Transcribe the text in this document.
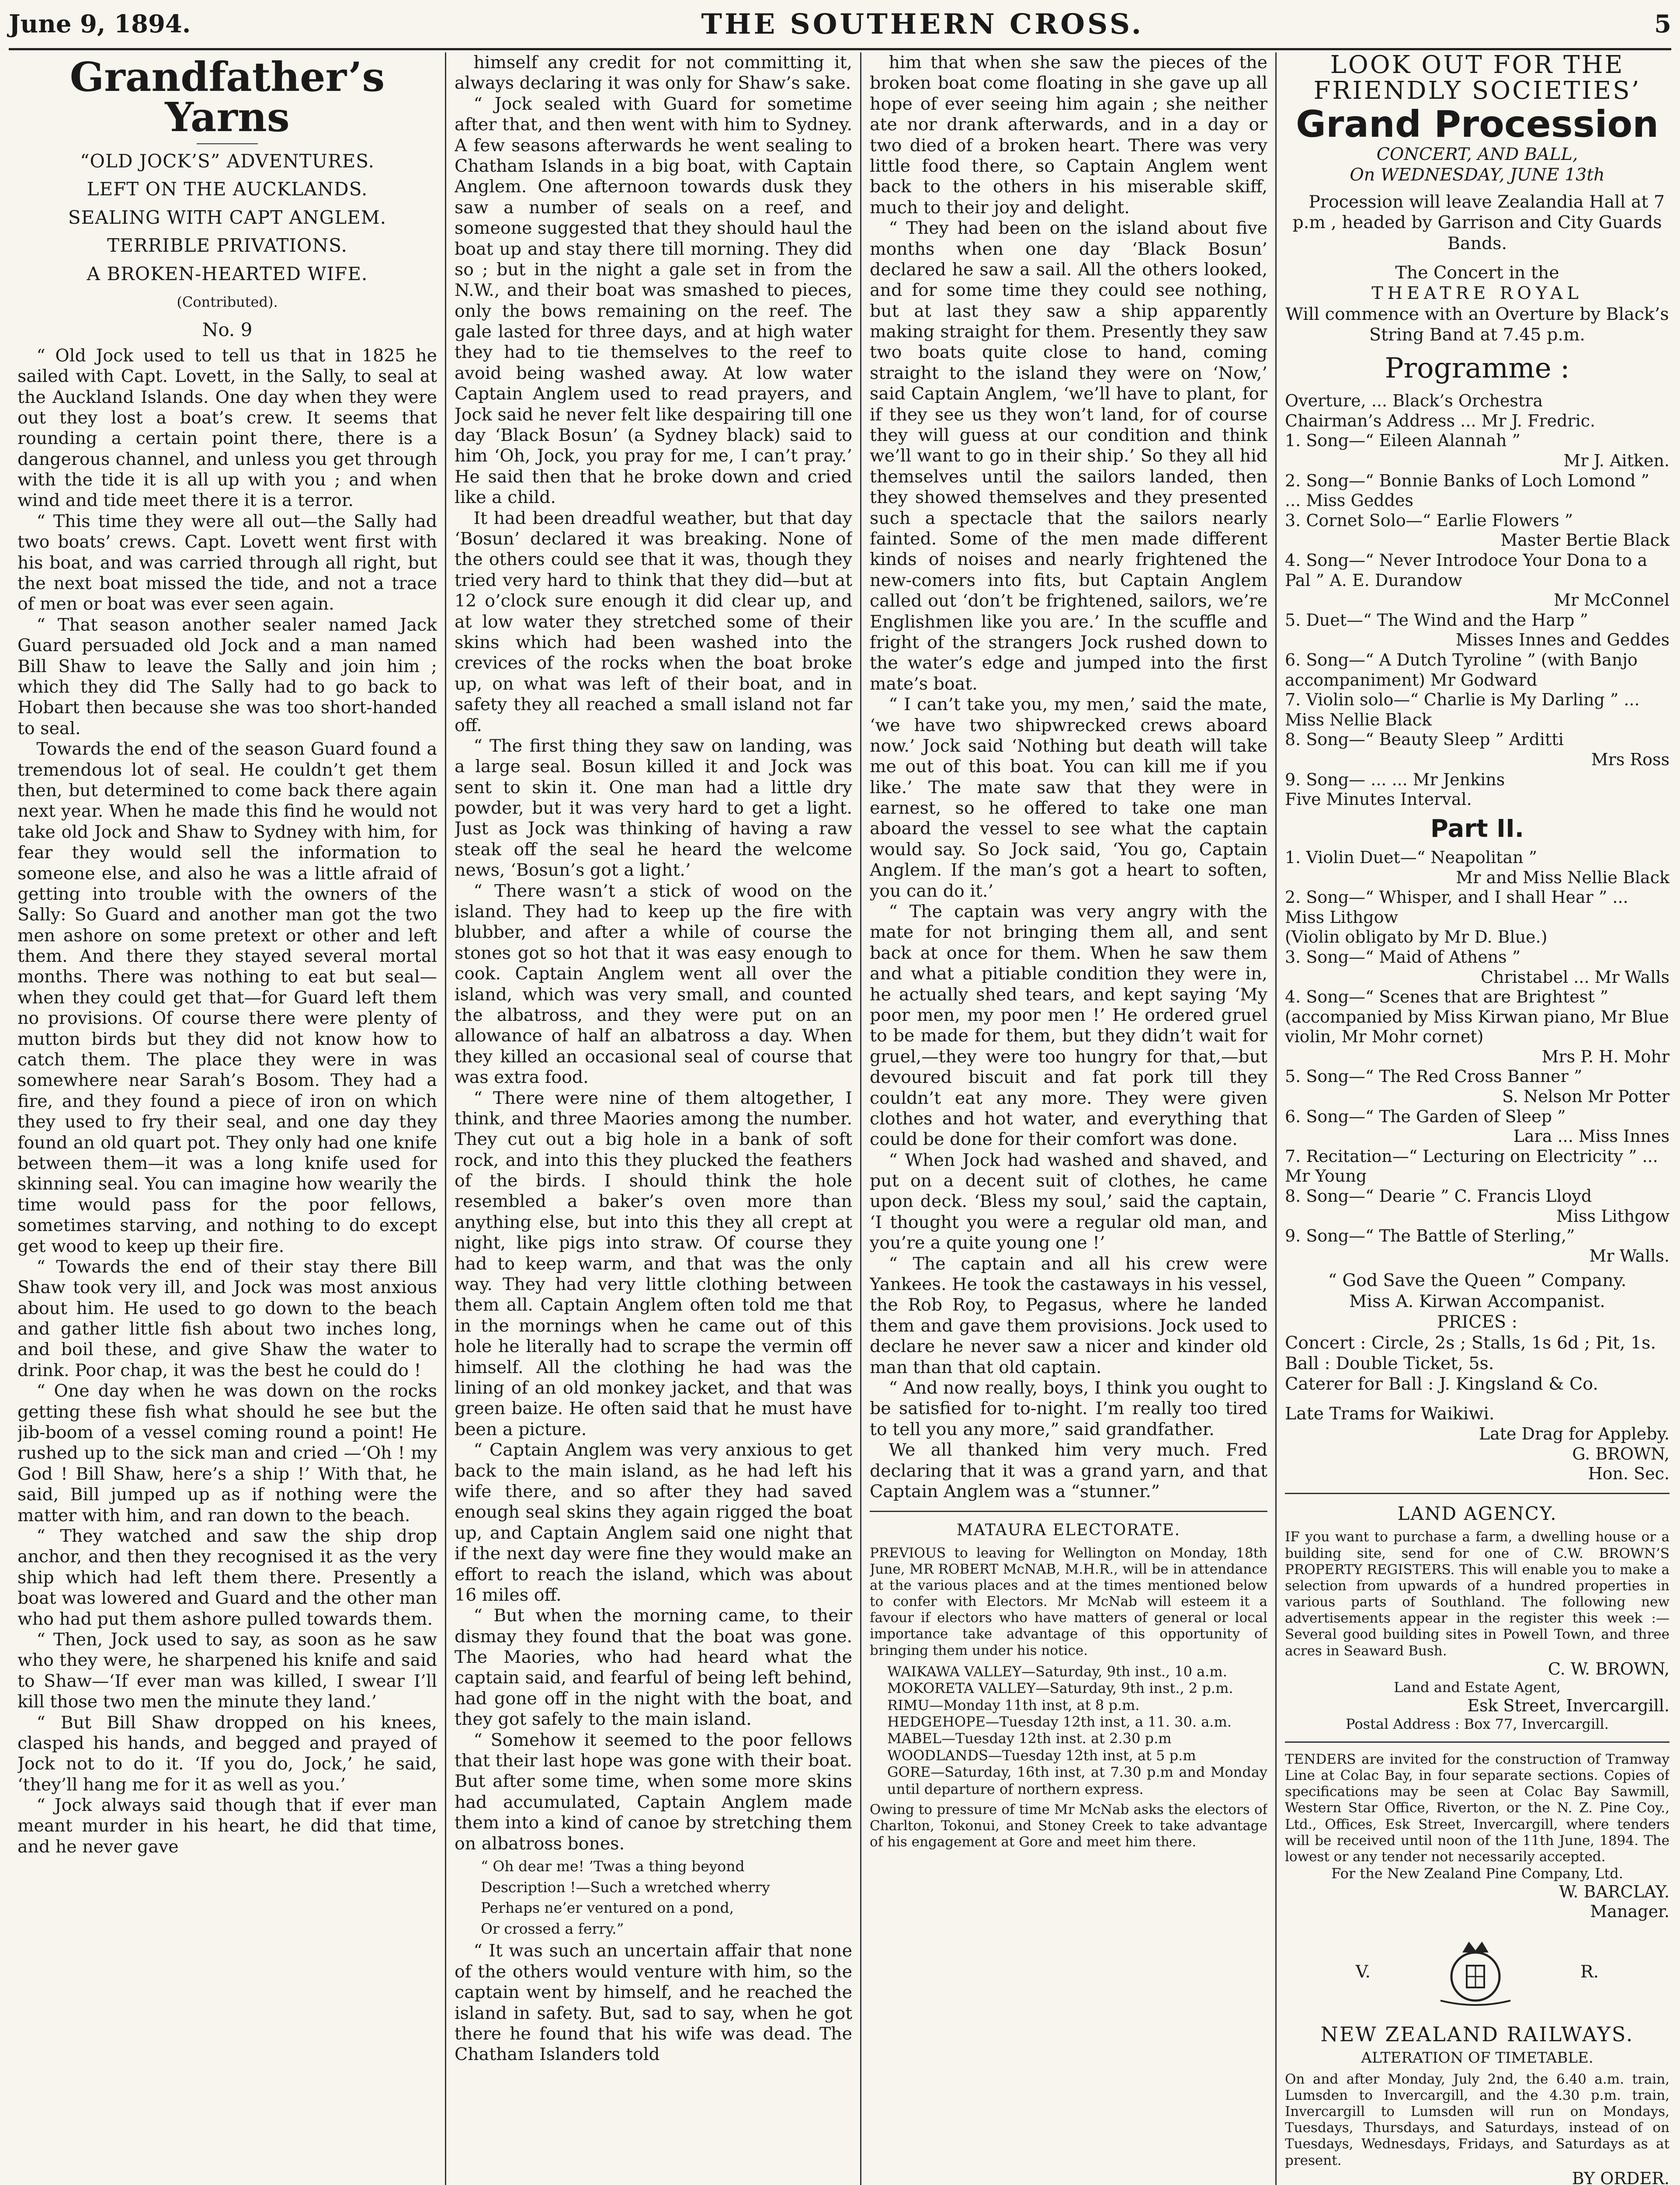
June 9, 1894.	THE SOUTHERN CROSS.	5
Grandfather’s Yarns
“OLD JOCK’S” ADVENTURES.
LEFT ON THE AUCKLANDS.
SEALING WITH CAPT ANGLEM.
TERRIBLE PRIVATIONS.
A BROKEN-HEARTED WIFE.
(Contributed).
No. 9

“ Old Jock used to tell us that in 1825 he sailed with Capt. Lovett, in the Sally, to seal at the Auckland Islands. One day when they were out they lost a boat’s crew. It seems that rounding a certain point there, there is a dangerous channel, and unless you get through with the tide it is all up with you ; and when wind and tide meet there it is a terror.

“ This time they were all out—the Sally had two boats’ crews. Capt. Lovett went first with his boat, and was carried through all right, but the next boat missed the tide, and not a trace of men or boat was ever seen again.

“ That season another sealer named Jack Guard persuaded old Jock and a man named Bill Shaw to leave the Sally and join him ; which they did The Sally had to go back to Hobart then because she was too short-handed to seal.

Towards the end of the season Guard found a tremendous lot of seal. He couldn’t get them then, but determined to come back there again next year. When he made this find he would not take old Jock and Shaw to Sydney with him, for fear they would sell the information to someone else, and also he was a little afraid of getting into trouble with the owners of the Sally: So Guard and another man got the two men ashore on some pretext or other and left them. And there they stayed several mortal months. There was nothing to eat but seal—when they could get that—for Guard left them no provisions. Of course there were plenty of mutton birds but they did not know how to catch them. The place they were in was somewhere near Sarah’s Bosom. They had a fire, and they found a piece of iron on which they used to fry their seal, and one day they found an old quart pot. They only had one knife between them—it was a long knife used for skinning seal. You can imagine how wearily the time would pass for the poor fellows, sometimes starving, and nothing to do except get wood to keep up their fire.

“ Towards the end of their stay there Bill Shaw took very ill, and Jock was most anxious about him. He used to go down to the beach and gather little fish about two inches long, and boil these, and give Shaw the water to drink. Poor chap, it was the best he could do !

“ One day when he was down on the rocks getting these fish what should he see but the jib-boom of a vessel coming round a point! He rushed up to the sick man and cried —‘Oh ! my God ! Bill Shaw, here’s a ship !’ With that, he said, Bill jumped up as if nothing were the matter with him, and ran down to the beach.

“ They watched and saw the ship drop anchor, and then they recognised it as the very ship which had left them there. Presently a boat was lowered and Guard and the other man who had put them ashore pulled towards them.

“ Then, Jock used to say, as soon as he saw who they were, he sharpened his knife and said to Shaw—‘If ever man was killed, I swear I’ll kill those two men the minute they land.’

“ But Bill Shaw dropped on his knees, clasped his hands, and begged and prayed of Jock not to do it. ‘If you do, Jock,’ he said, ‘they’ll hang me for it as well as you.’

“ Jock always said though that if ever man meant murder in his heart, he did that time, and he never gave

himself any credit for not committing it, always declaring it was only for Shaw’s sake.

“ Jock sealed with Guard for sometime after that, and then went with him to Sydney. A few seasons afterwards he went sealing to Chatham Islands in a big boat, with Captain Anglem. One afternoon towards dusk they saw a number of seals on a reef, and someone suggested that they should haul the boat up and stay there till morning. They did so ; but in the night a gale set in from the N.W., and their boat was smashed to pieces, only the bows remaining on the reef. The gale lasted for three days, and at high water they had to tie themselves to the reef to avoid being washed away. At low water Captain Anglem used to read prayers, and Jock said he never felt like despairing till one day ‘Black Bosun’ (a Sydney black) said to him ‘Oh, Jock, you pray for me, I can’t pray.’ He said then that he broke down and cried like a child.

It had been dreadful weather, but that day ‘Bosun’ declared it was breaking. None of the others could see that it was, though they tried very hard to think that they did—but at 12 o’clock sure enough it did clear up, and at low water they stretched some of their skins which had been washed into the crevices of the rocks when the boat broke up, on what was left of their boat, and in safety they all reached a small island not far off.

“ The first thing they saw on landing, was a large seal. Bosun killed it and Jock was sent to skin it. One man had a little dry powder, but it was very hard to get a light. Just as Jock was thinking of having a raw steak off the seal he heard the welcome news, ‘Bosun’s got a light.’

“ There wasn’t a stick of wood on the island. They had to keep up the fire with blubber, and after a while of course the stones got so hot that it was easy enough to cook. Captain Anglem went all over the island, which was very small, and counted the albatross, and they were put on an allowance of half an albatross a day. When they killed an occasional seal of course that was extra food.

“ There were nine of them altogether, I think, and three Maories among the number. They cut out a big hole in a bank of soft rock, and into this they plucked the feathers of the birds. I should think the hole resembled a baker’s oven more than anything else, but into this they all crept at night, like pigs into straw. Of course they had to keep warm, and that was the only way. They had very little clothing between them all. Captain Anglem often told me that in the mornings when he came out of this hole he literally had to scrape the vermin off himself. All the clothing he had was the lining of an old monkey jacket, and that was green baize. He often said that he must have been a picture.

“ Captain Anglem was very anxious to get back to the main island, as he had left his wife there, and so after they had saved enough seal skins they again rigged the boat up, and Captain Anglem said one night that if the next day were fine they would make an effort to reach the island, which was about 16 miles off.

“ But when the morning came, to their dismay they found that the boat was gone. The Maories, who had heard what the captain said, and fearful of being left behind, had gone off in the night with the boat, and they got safely to the main island.

“ Somehow it seemed to the poor fellows that their last hope was gone with their boat. But after some time, when some more skins had accumulated, Captain Anglem made them into a kind of canoe by stretching them on albatross bones.

“ Oh dear me! ’Twas a thing beyond
Description !—Such a wretched wherry
Perhaps ne’er ventured on a pond,
Or crossed a ferry.”

“ It was such an uncertain affair that none of the others would venture with him, so the captain went by himself, and he reached the island in safety. But, sad to say, when he got there he found that his wife was dead. The Chatham Islanders told

him that when she saw the pieces of the broken boat come floating in she gave up all hope of ever seeing him again ; she neither ate nor drank afterwards, and in a day or two died of a broken heart. There was very little food there, so Captain Anglem went back to the others in his miserable skiff, much to their joy and delight.

“ They had been on the island about five months when one day ‘Black Bosun’ declared he saw a sail. All the others looked, and for some time they could see nothing, but at last they saw a ship apparently making straight for them. Presently they saw two boats quite close to hand, coming straight to the island they were on ‘Now,’ said Captain Anglem, ‘we’ll have to plant, for if they see us they won’t land, for of course they will guess at our condition and think we’ll want to go in their ship.’ So they all hid themselves until the sailors landed, then they showed themselves and they presented such a spectacle that the sailors nearly fainted. Some of the men made different kinds of noises and nearly frightened the new-comers into fits, but Captain Anglem called out ‘don’t be frightened, sailors, we’re Englishmen like you are.’ In the scuffle and fright of the strangers Jock rushed down to the water’s edge and jumped into the first mate’s boat.

“ I can’t take you, my men,’ said the mate, ‘we have two shipwrecked crews aboard now.’ Jock said ‘Nothing but death will take me out of this boat. You can kill me if you like.’ The mate saw that they were in earnest, so he offered to take one man aboard the vessel to see what the captain would say. So Jock said, ‘You go, Captain Anglem. If the man’s got a heart to soften, you can do it.’

“ The captain was very angry with the mate for not bringing them all, and sent back at once for them. When he saw them and what a pitiable condition they were in, he actually shed tears, and kept saying ‘My poor men, my poor men !’ He ordered gruel to be made for them, but they didn’t wait for gruel,—they were too hungry for that,—but devoured biscuit and fat pork till they couldn’t eat any more. They were given clothes and hot water, and everything that could be done for their comfort was done.

“ When Jock had washed and shaved, and put on a decent suit of clothes, he came upon deck. ‘Bless my soul,’ said the captain, ‘I thought you were a regular old man, and you’re a quite young one !’

“ The captain and all his crew were Yankees. He took the castaways in his vessel, the Rob Roy, to Pegasus, where he landed them and gave them provisions. Jock used to declare he never saw a nicer and kinder old man than that old captain.

“ And now really, boys, I think you ought to be satisfied for to-night. I’m really too tired to tell you any more,” said grandfather.

We all thanked him very much. Fred declaring that it was a grand yarn, and that Captain Anglem was a “stunner.”

MATAURA ELECTORATE.

PREVIOUS to leaving for Wellington on Monday, 18th June, MR ROBERT McNAB, M.H.R., will be in attendance at the various places and at the times mentioned below to confer with Electors. Mr McNab will esteem it a favour if electors who have matters of general or local importance take advantage of this opportunity of bringing them under his notice.

WAIKAWA VALLEY—Saturday, 9th inst., 10 a.m.
MOKORETA VALLEY—Saturday, 9th inst., 2 p.m.
RIMU—Monday 11th inst, at 8 p.m.
HEDGEHOPE—Tuesday 12th inst, a 11. 30. a.m.
MABEL—Tuesday 12th inst. at 2.30 p.m
WOODLANDS—Tuesday 12th inst, at 5 p.m
GORE—Saturday, 16th inst, at 7.30 p.m and Monday until departure of northern express.

Owing to pressure of time Mr McNab asks the electors of Charlton, Tokonui, and Stoney Creek to take advantage of his engagement at Gore and meet him there.

LOOK OUT FOR THE FRIENDLY SOCIETIES’
Grand Procession
CONCERT, AND BALL,
On WEDNESDAY, JUNE 13th

Procession will leave Zealandia Hall at 7 p.m , headed by Garrison and City Guards Bands.

The Concert in the
THEATRE ROYAL
Will commence with an Overture by Black’s String Band at 7.45 p.m.
Programme :
Overture, ... Black’s Orchestra
Chairman’s Address ... Mr J. Fredric.
1. Song—“ Eileen Alannah ”
Mr J. Aitken.
2. Song—“ Bonnie Banks of Loch Lomond ” ... Miss Geddes
3. Cornet Solo—“ Earlie Flowers ”
Master Bertie Black
4. Song—“ Never Introdoce Your Dona to a Pal ” A. E. Durandow
Mr McConnel
5. Duet—“ The Wind and the Harp ”
Misses Innes and Geddes
6. Song—“ A Dutch Tyroline ” (with Banjo accompaniment) Mr Godward
7. Violin solo—“ Charlie is My Darling ” ... Miss Nellie Black
8. Song—“ Beauty Sleep ” Arditti
Mrs Ross
9. Song— ... ... Mr Jenkins
Five Minutes Interval.
Part II.
1. Violin Duet—“ Neapolitan ”
Mr and Miss Nellie Black
2. Song—“ Whisper, and I shall Hear ” ... Miss Lithgow
(Violin obligato by Mr D. Blue.)
3. Song—“ Maid of Athens ”
Christabel ... Mr Walls
4. Song—“ Scenes that are Brightest ”
(accompanied by Miss Kirwan piano, Mr Blue violin, Mr Mohr cornet)
Mrs P. H. Mohr
5. Song—“ The Red Cross Banner ”
S. Nelson Mr Potter
6. Song—“ The Garden of Sleep ”
Lara ... Miss Innes
7. Recitation—“ Lecturing on Electricity ” ... Mr Young
8. Song—“ Dearie ” C. Francis Lloyd
Miss Lithgow
9. Song—“ The Battle of Sterling,”
Mr Walls.
“ God Save the Queen ” Company.
Miss A. Kirwan Accompanist.
PRICES :
Concert : Circle, 2s ; Stalls, 1s 6d ; Pit, 1s.
Ball : Double Ticket, 5s.
Caterer for Ball : J. Kingsland & Co.
Late Trams for Waikiwi.
Late Drag for Appleby.
G. BROWN,
Hon. Sec.
LAND AGENCY.

IF you want to purchase a farm, a dwelling house or a building site, send for one of C.W. BROWN’S PROPERTY REGISTERS. This will enable you to make a selection from upwards of a hundred properties in various parts of Southland. The following new advertisements appear in the register this week :—Several good building sites in Powell Town, and three acres in Seaward Bush.

C. W. BROWN,
Land and Estate Agent,
Esk Street, Invercargill.
Postal Address : Box 77, Invercargill.

TENDERS are invited for the construction of Tramway Line at Colac Bay, in four separate sections. Copies of specifications may be seen at Colac Bay Sawmill, Western Star Office, Riverton, or the N. Z. Pine Coy., Ltd., Offices, Esk Street, Invercargill, where tenders will be received until noon of the 11th June, 1894. The lowest or any tender not necessarily accepted.

For the New Zealand Pine Company, Ltd.
W. BARCLAY.
Manager.
V.	R.
NEW ZEALAND RAILWAYS.
ALTERATION OF TIMETABLE.

On and after Monday, July 2nd, the 6.40 a.m. train, Lumsden to Invercargill, and the 4.30 p.m. train, Invercargill to Lumsden will run on Mondays, Tuesdays, Thursdays, and Saturdays, instead of on Tuesdays, Wednesdays, Fridays, and Saturdays as at present.

BY ORDER.
